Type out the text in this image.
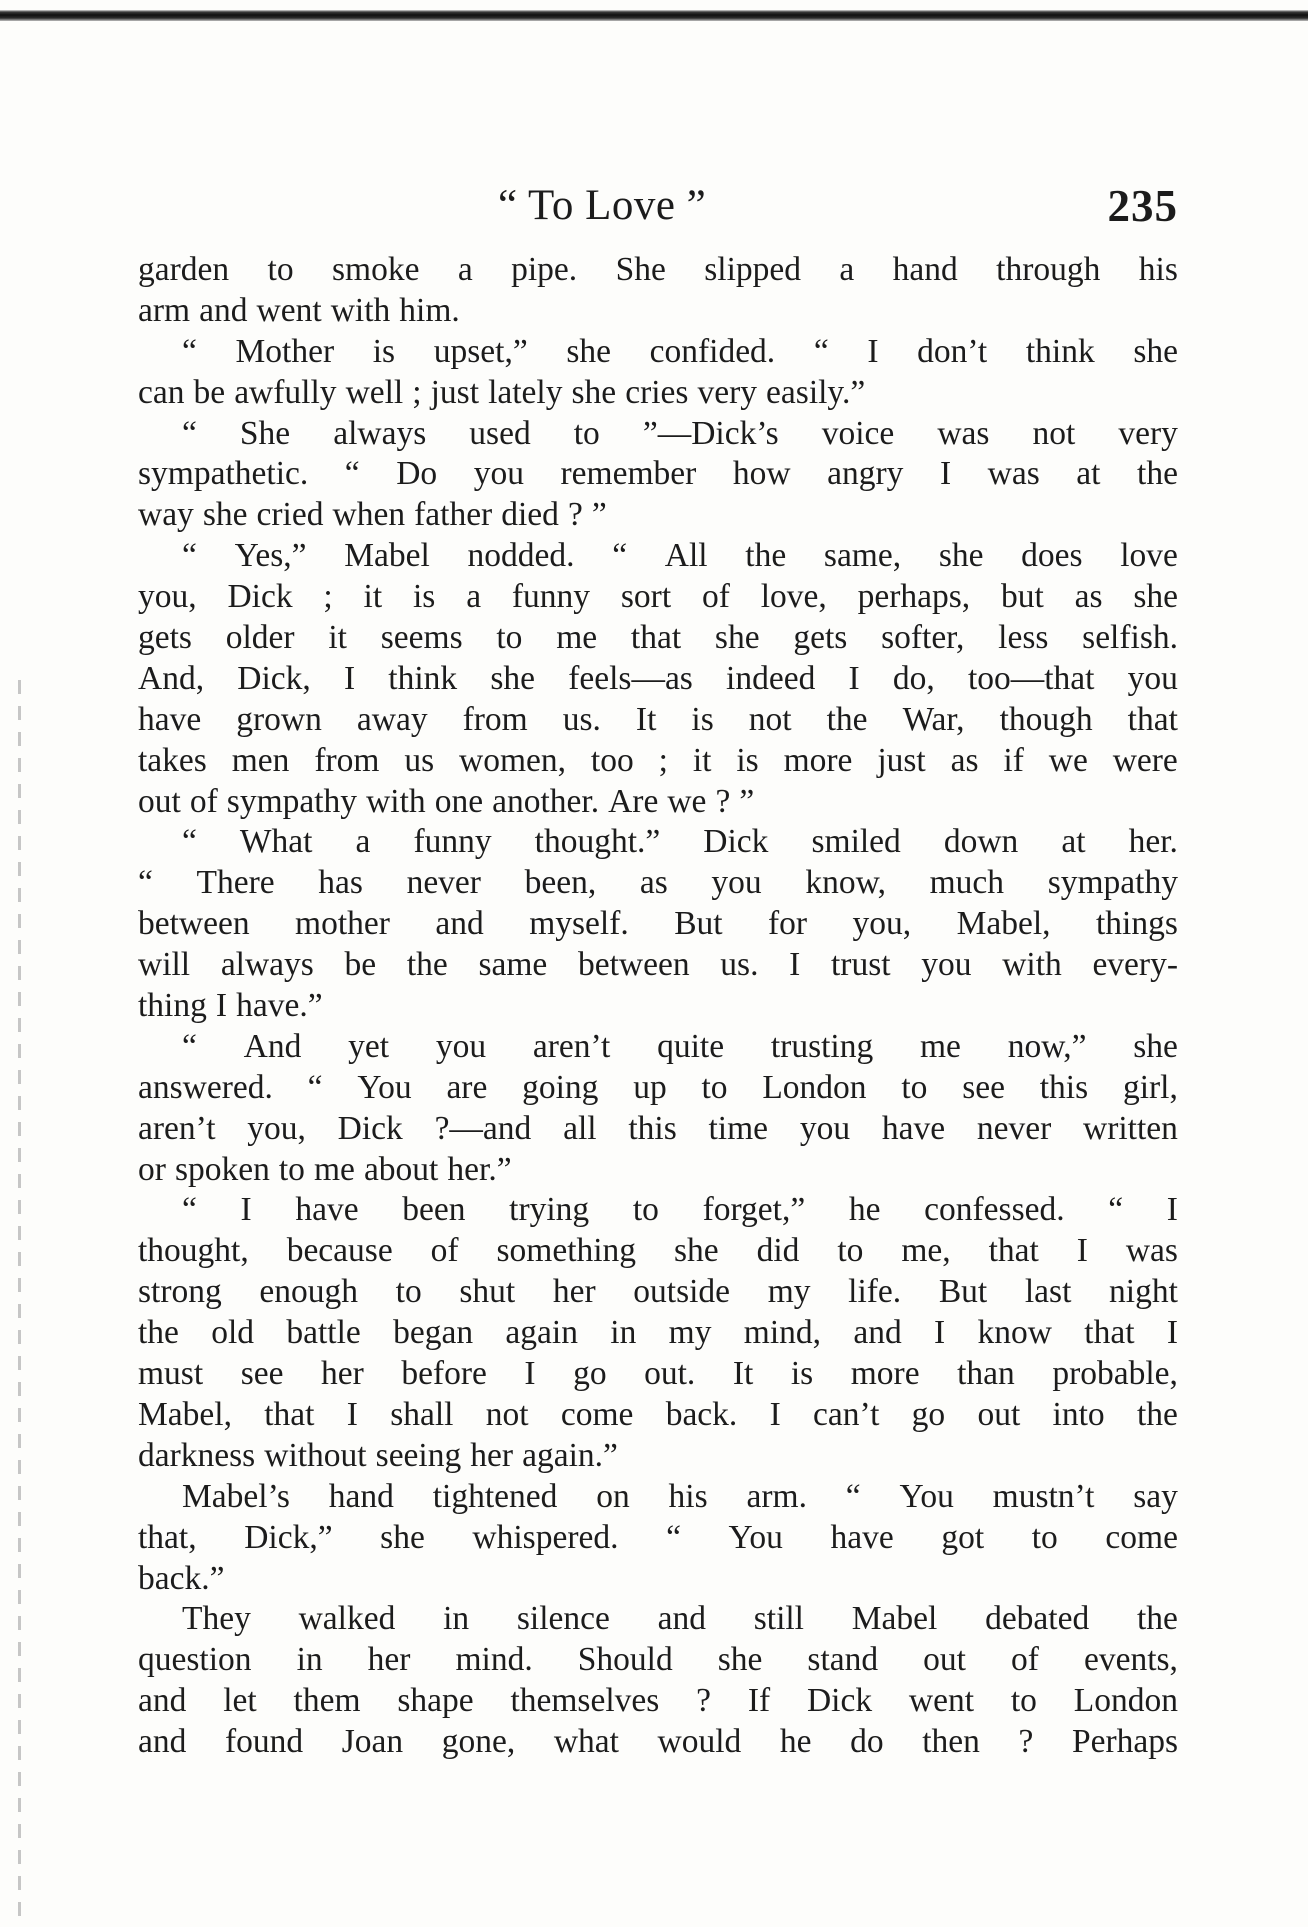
“ To Love ”	235
garden to smoke a pipe. She slipped a hand through his
arm and went with him.
“ Mother is upset,” she confided. “ I don’t think she
can be awfully well ; just lately she cries very easily.”
“ She always used to ”—Dick’s voice was not very
sympathetic. “ Do you remember how angry I was at the
way she cried when father died ? ”
“ Yes,” Mabel nodded. “ All the same, she does love
you, Dick ; it is a funny sort of love, perhaps, but as she
gets older it seems to me that she gets softer, less selfish.
And, Dick, I think she feels—as indeed I do, too—that you
have grown away from us. It is not the War, though that
takes men from us women, too ; it is more just as if we were
out of sympathy with one another. Are we ? ”
“ What a funny thought.” Dick smiled down at her.
“ There has never been, as you know, much sympathy
between mother and myself. But for you, Mabel, things
will always be the same between us. I trust you with every-
thing I have.”
“ And yet you aren’t quite trusting me now,” she
answered. “ You are going up to London to see this girl,
aren’t you, Dick ?—and all this time you have never written
or spoken to me about her.”
“ I have been trying to forget,” he confessed. “ I
thought, because of something she did to me, that I was
strong enough to shut her outside my life. But last night
the old battle began again in my mind, and I know that I
must see her before I go out. It is more than probable,
Mabel, that I shall not come back. I can’t go out into the
darkness without seeing her again.”
Mabel’s hand tightened on his arm. “ You mustn’t say
that, Dick,” she whispered. “ You have got to come
back.”
They walked in silence and still Mabel debated the
question in her mind. Should she stand out of events,
and let them shape themselves ? If Dick went to London
and found Joan gone, what would he do then ? Perhaps
